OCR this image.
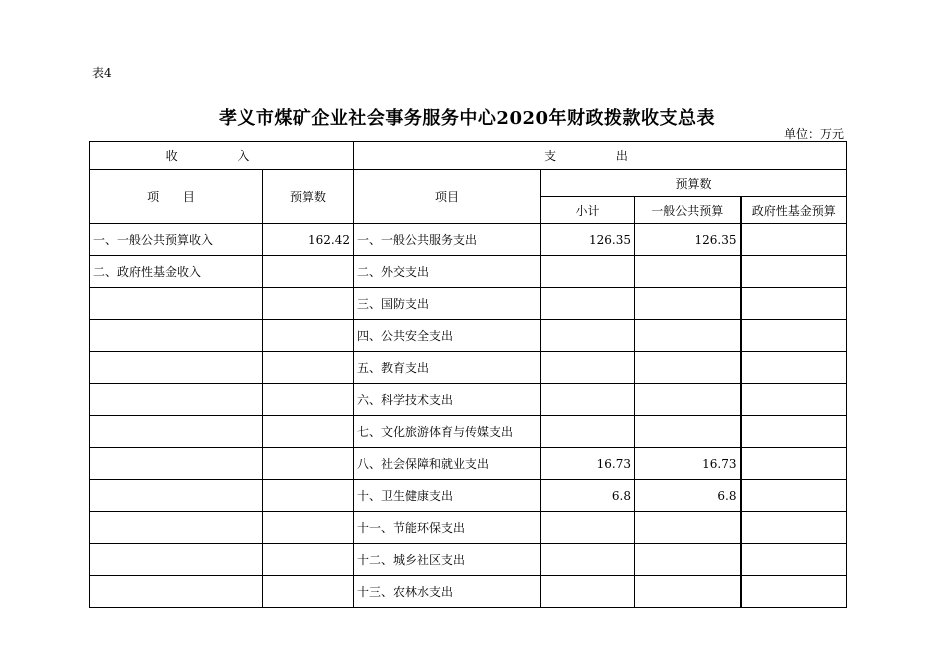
表4
孝义市煤矿企业社会事务服务中心2020年财政拨款收支总表
单位：万元
收 入		支 出			
项 目	预算数	项目	预算数		
			小计	一般公共预算	政府性基金预算
一、一般公共预算收入	162.42	一、一般公共服务支出	126.35	126.35	
二、政府性基金收入		二、外交支出			
		三、国防支出			
		四、公共安全支出			
		五、教育支出			
		六、科学技术支出			
		七、文化旅游体育与传媒支出			
		八、社会保障和就业支出	16.73	16.73	
		十、卫生健康支出	6.8	6.8	
		十一、节能环保支出			
		十二、城乡社区支出			
		十三、农林水支出			
